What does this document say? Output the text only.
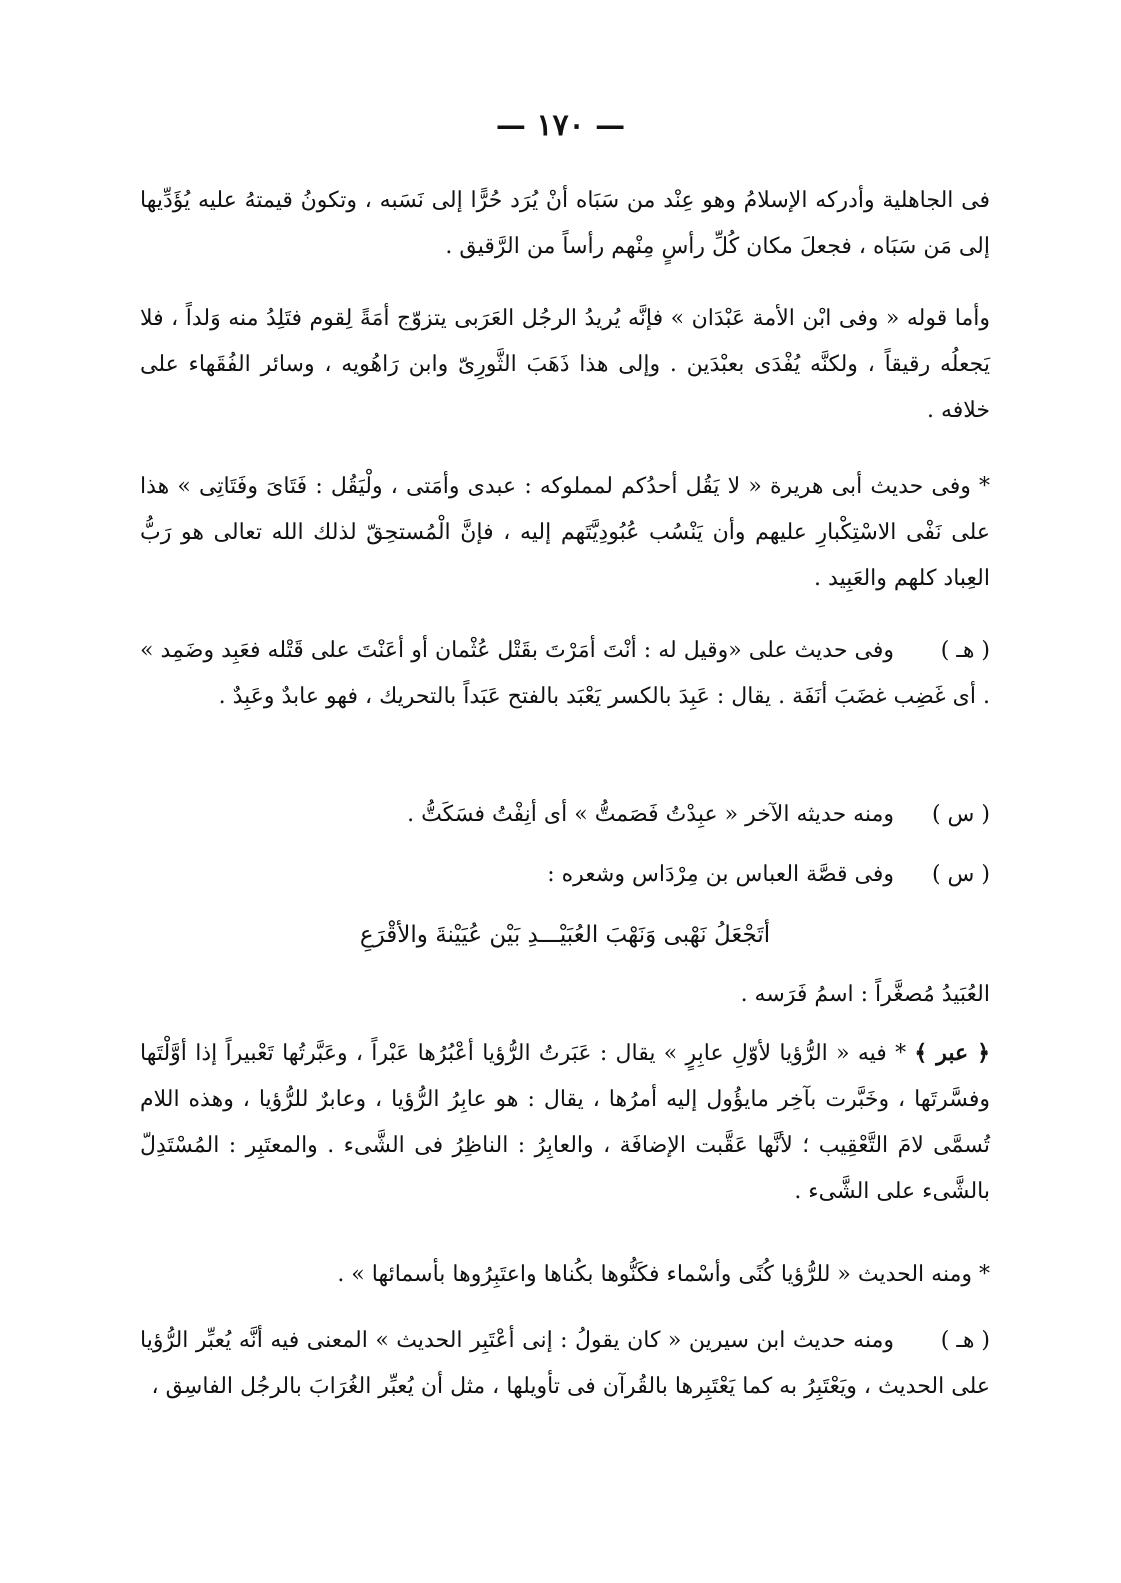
— ١٧٠ —
فى الجاهلية وأدركه الإسلامُ وهو عِنْد من سَبَاه أنْ يُرَد حُرًّا إلى نَسَبه ، وتكونُ قيمتهُ عليه يُؤَدِّيها إلى مَن سَبَاه ، فجعلَ مكان كُلِّ رأسٍ مِنْهم رأساً من الرَّقيق .
وأما قوله « وفى ابْن الأمة عَبْدَان » فإنَّه يُريدُ الرجُل العَرَبى يتزوّج أمَةً لِقوم فتَلِدُ منه وَلداً ، فلا يَجعلُه رقيقاً ، ولكنَّه يُفْدَى بعبْدَين . وإلى هذا ذَهَبَ الثَّورِىّ وابن رَاهُويه ، وسائر الفُقَهاء على خلافه .
* وفى حديث أبى هريرة « لا يَقُل أحدُكم لمملوكه : عبدى وأمَتى ، ولْيَقُل : فَتَاىَ وفَتَاتِى » هذا على نَفْى الاسْتِكْبارِ عليهم وأن يَنْسُب عُبُودِيَّتَهم إليه ، فإنَّ الْمُستحِقّ لذلك الله تعالى هو رَبُّ العِباد كلهم والعَبِيد .
( هـ )وفى حديث على «وقيل له : أنْتَ أمَرْتَ بقَتْل عُثْمان أو أعَنْتَ على قَتْله فعَبِد وضَمِد » . أى غَضِب غضَبَ أنَفَة . يقال : عَبِدَ بالكسر يَعْبَد بالفتح عَبَداً بالتحريك ، فهو عابدٌ وعَبِدٌ .
( س )ومنه حديثه الآخر « عبِدْتُ فَصَمتُّ » أى أنِفْتُ فسَكَتُّ .
( س )وفى قصَّة العباس بن مِرْدَاس وشعره :
أتَجْعَلُ نَهْبى وَنَهْبَ العُبَيْـــدِ بَيْن عُيَيْنةَ والأقْرَعِ
العُبَيدُ مُصغَّراً : اسمُ فَرَسه .
﴿ عبر ﴾ * فيه « الرُّؤيا لأوّلِ عابِرٍ » يقال : عَبَرتُ الرُّؤيا أعْبُرُها عَبْراً ، وعَبَّرتُها تَعْبيراً إذا أوَّلْتَها وفسَّرتَها ، وخَبَّرت بآخِر مايؤُول إليه أمرُها ، يقال : هو عابِرُ الرُّؤيا ، وعابرٌ للرُّؤيا ، وهذه اللام تُسمَّى لامَ التَّعْقِيب ؛ لأنَّها عَقَّبت الإضافَة ، والعابِرُ : الناظِرُ فى الشَّىء . والمعتَبِر : المُسْتَدِلّ بالشَّىء على الشَّىء .
* ومنه الحديث « للرُّؤيا كُنًى وأسْماء فكَنُّوها بكُناها واعتَبِرُوها بأسمائها » .
( هـ )ومنه حديث ابن سيرين « كان يقولُ : إنى أعْتَبِر الحديث » المعنى فيه أنَّه يُعبِّر الرُّؤيا على الحديث ، ويَعْتَبِرُ به كما يَعْتَبِرها بالقُرآن فى تأويلها ، مثل أن يُعبِّر الغُرَابَ بالرجُل الفاسِق ،
